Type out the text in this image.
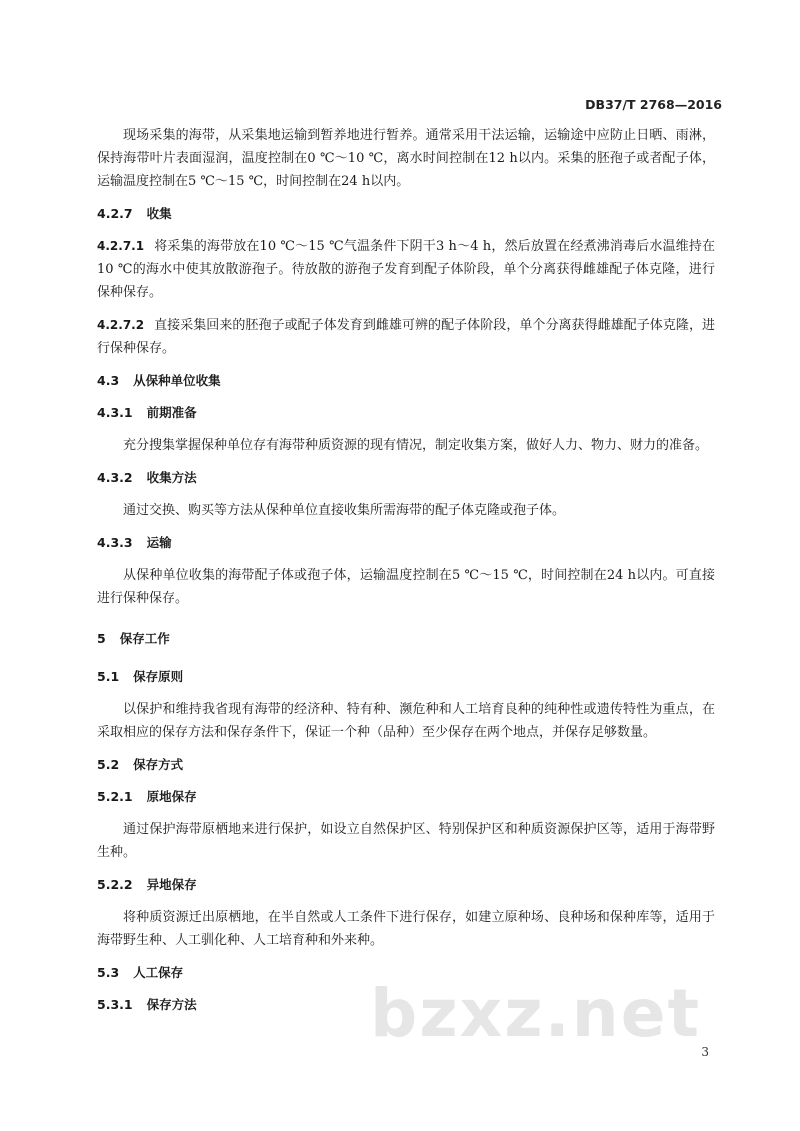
DB37/T 2768—2016

现场采集的海带，从采集地运输到暂养地进行暂养。通常采用干法运输，运输途中应防止日晒、雨淋，保持海带叶片表面湿润，温度控制在0 ℃～10 ℃，离水时间控制在12 h以内。采集的胚孢子或者配子体，运输温度控制在5 ℃～15 ℃，时间控制在24 h以内。

4.2.7 收集

4.2.7.1 将采集的海带放在10 ℃～15 ℃气温条件下阴干3 h～4 h，然后放置在经煮沸消毒后水温维持在10 ℃的海水中使其放散游孢子。待放散的游孢子发育到配子体阶段，单个分离获得雌雄配子体克隆，进行保种保存。

4.2.7.2 直接采集回来的胚孢子或配子体发育到雌雄可辨的配子体阶段，单个分离获得雌雄配子体克隆，进行保种保存。

4.3 从保种单位收集
4.3.1 前期准备

充分搜集掌握保种单位存有海带种质资源的现有情况，制定收集方案，做好人力、物力、财力的准备。

4.3.2 收集方法

通过交换、购买等方法从保种单位直接收集所需海带的配子体克隆或孢子体。

4.3.3 运输

从保种单位收集的海带配子体或孢子体，运输温度控制在5 ℃～15 ℃，时间控制在24 h以内。可直接进行保种保存。

5 保存工作
5.1 保存原则

以保护和维持我省现有海带的经济种、特有种、濒危种和人工培育良种的纯种性或遗传特性为重点，在采取相应的保存方法和保存条件下，保证一个种（品种）至少保存在两个地点，并保存足够数量。

5.2 保存方式
5.2.1 原地保存

通过保护海带原栖地来进行保护，如设立自然保护区、特别保护区和种质资源保护区等，适用于海带野生种。

5.2.2 异地保存

将种质资源迁出原栖地，在半自然或人工条件下进行保存，如建立原种场、良种场和保种库等，适用于海带野生种、人工驯化种、人工培育种和外来种。

5.3 人工保存
5.3.1 保存方法	bzxz.net 3
